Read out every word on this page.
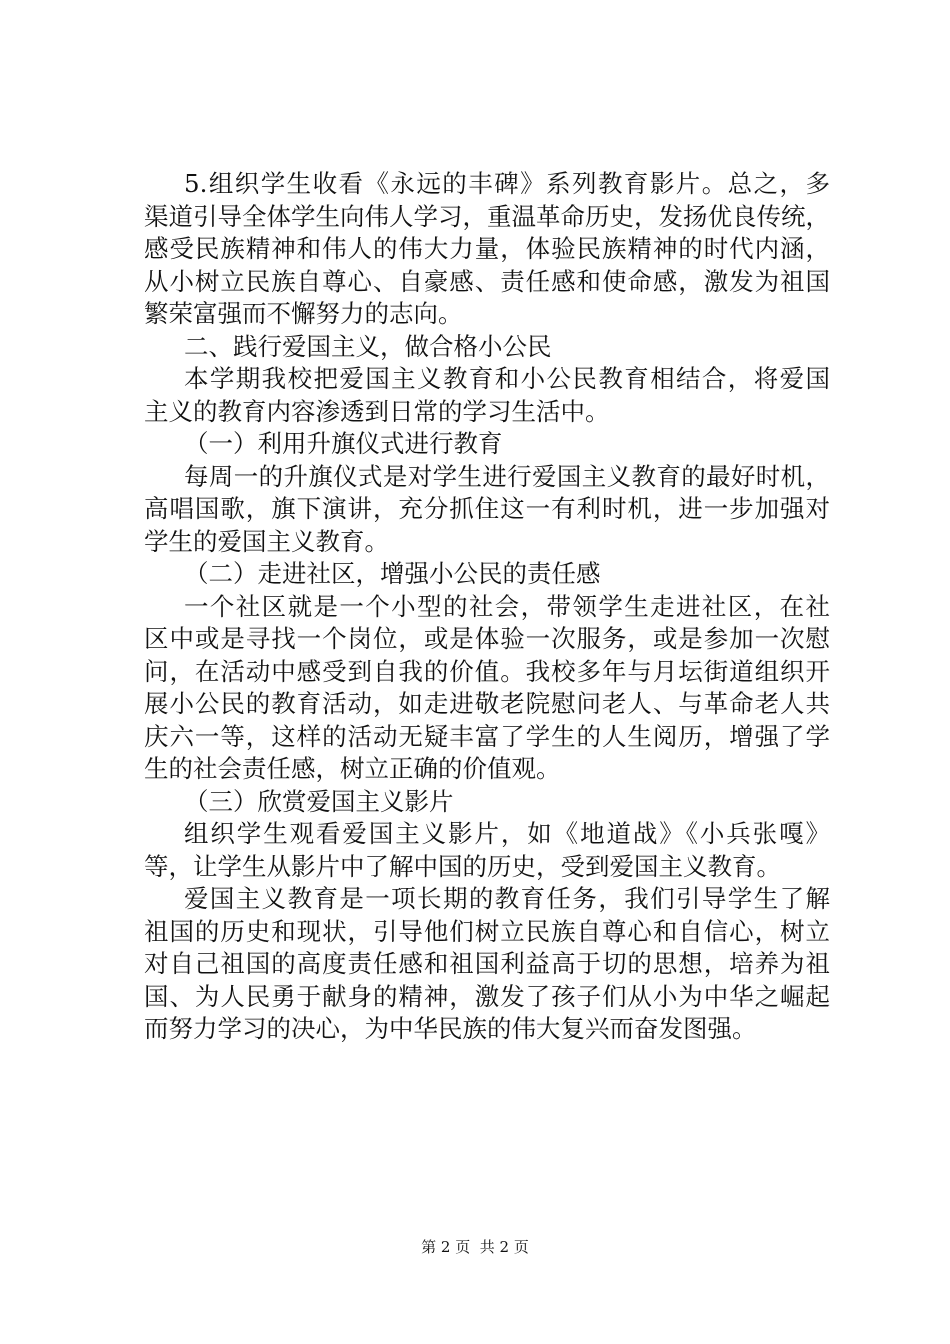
5.组织学生收看《永远的丰碑》系列教育影片。总之，多
渠道引导全体学生向伟人学习，重温革命历史，发扬优良传统，
感受民族精神和伟人的伟大力量，体验民族精神的时代内涵，
从小树立民族自尊心、自豪感、责任感和使命感，激发为祖国
繁荣富强而不懈努力的志向。
二、践行爱国主义，做合格小公民
本学期我校把爱国主义教育和小公民教育相结合，将爱国
主义的教育内容渗透到日常的学习生活中。
（一）利用升旗仪式进行教育
每周一的升旗仪式是对学生进行爱国主义教育的最好时机，
高唱国歌，旗下演讲，充分抓住这一有利时机，进一步加强对
学生的爱国主义教育。
（二）走进社区，增强小公民的责任感
一个社区就是一个小型的社会，带领学生走进社区，在社
区中或是寻找一个岗位，或是体验一次服务，或是参加一次慰
问，在活动中感受到自我的价值。我校多年与月坛街道组织开
展小公民的教育活动，如走进敬老院慰问老人、与革命老人共
庆六一等，这样的活动无疑丰富了学生的人生阅历，增强了学
生的社会责任感，树立正确的价值观。
（三）欣赏爱国主义影片
组织学生观看爱国主义影片，如《地道战》《小兵张嘎》
等，让学生从影片中了解中国的历史，受到爱国主义教育。
爱国主义教育是一项长期的教育任务，我们引导学生了解
祖国的历史和现状，引导他们树立民族自尊心和自信心，树立
对自己祖国的高度责任感和祖国利益高于切的思想，培养为祖
国、为人民勇于献身的精神，激发了孩子们从小为中华之崛起
而努力学习的决心，为中华民族的伟大复兴而奋发图强。
第 2 页  共 2 页
